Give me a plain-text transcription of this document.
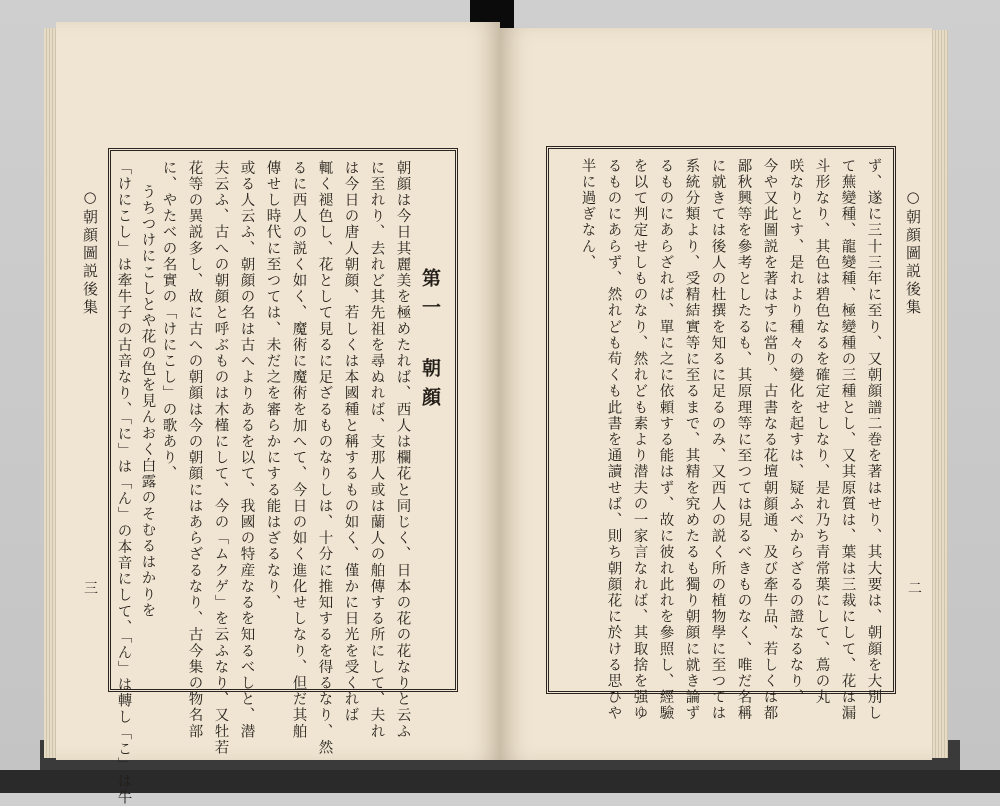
○朝顔圖説後集
三
第一 朝顔
朝顔は今日其麗美を極めたれば、西人は欄花と同じく、日本の花の花なりと云ふ
に至れり、去れど其先祖を尋ぬれば、支那人或は蘭人の舶傳する所にして、夫れ
は今日の唐人朝顔、若しくは本國種と稱するもの如く、僅かに日光を受くれば
輒く褪色し、花として見るに足ざるものなりしは、十分に推知するを得るなり、然
るに西人の説く如く、魔術に魔術を加へて、今日の如く進化せしなり、但だ其舶
傳せし時代に至つては、未だ之を審らかにする能はざるなり、
或る人云ふ、朝顔の名は古へよりあるを以て、我國の特産なるを知るべしと、潜
夫云ふ、古への朝顔と呼ぶものは木槿にして、今の「ムクゲ」を云ふなり、又牡若
花等の異説多し、故に古への朝顔は今の朝顔にはあらざるなり、古今集の物名部
に、やたべの名實の「けにこし」の歌あり、
うちつけにこしとや花の色を見んおく白露のそむるはかりを
「けにこし」は牽牛子の古音なり、「に」は「ん」の本音にして、「ん」は轉し「こ」は牛	○朝顔圖説後集
二
ず、遂に三十三年に至り、又朝顔譜二巻を著はせり、其大要は、朝顔を大別し
て蕪變種、龍變種、極變種の三種とし、又其原質は、葉は三裁にして、花は漏
斗形なり、其色は碧色なるを確定せしなり、是れ乃ち青常葉にして、蔦の丸
咲なりとす、是れより種々の變化を起すは、疑ふべからざるの證なるなり、
今や又此圖説を著はすに當り、古書なる花壇朝顔通、及び牽牛品、若しくは都
鄙秋興等を參考としたるも、其原理等に至つては見るべきものなく、唯だ名稱
に就きては後人の杜撰を知るに足るのみ、又西人の説く所の植物學に至つては
系統分類より、受精結實等に至るまで、其精を究めたるも獨り朝顔に就き論ず
るものにあらざれば、單に之に依頼する能はず、故に彼れ此れを參照し、經驗
を以て判定せしものなり、然れども素より潜夫の一家言なれば、其取捨を强ゆ
るものにあらず、然れども苟くも此書を通讀せば、則ち朝顔花に於ける思ひや
半に過ぎなん、
